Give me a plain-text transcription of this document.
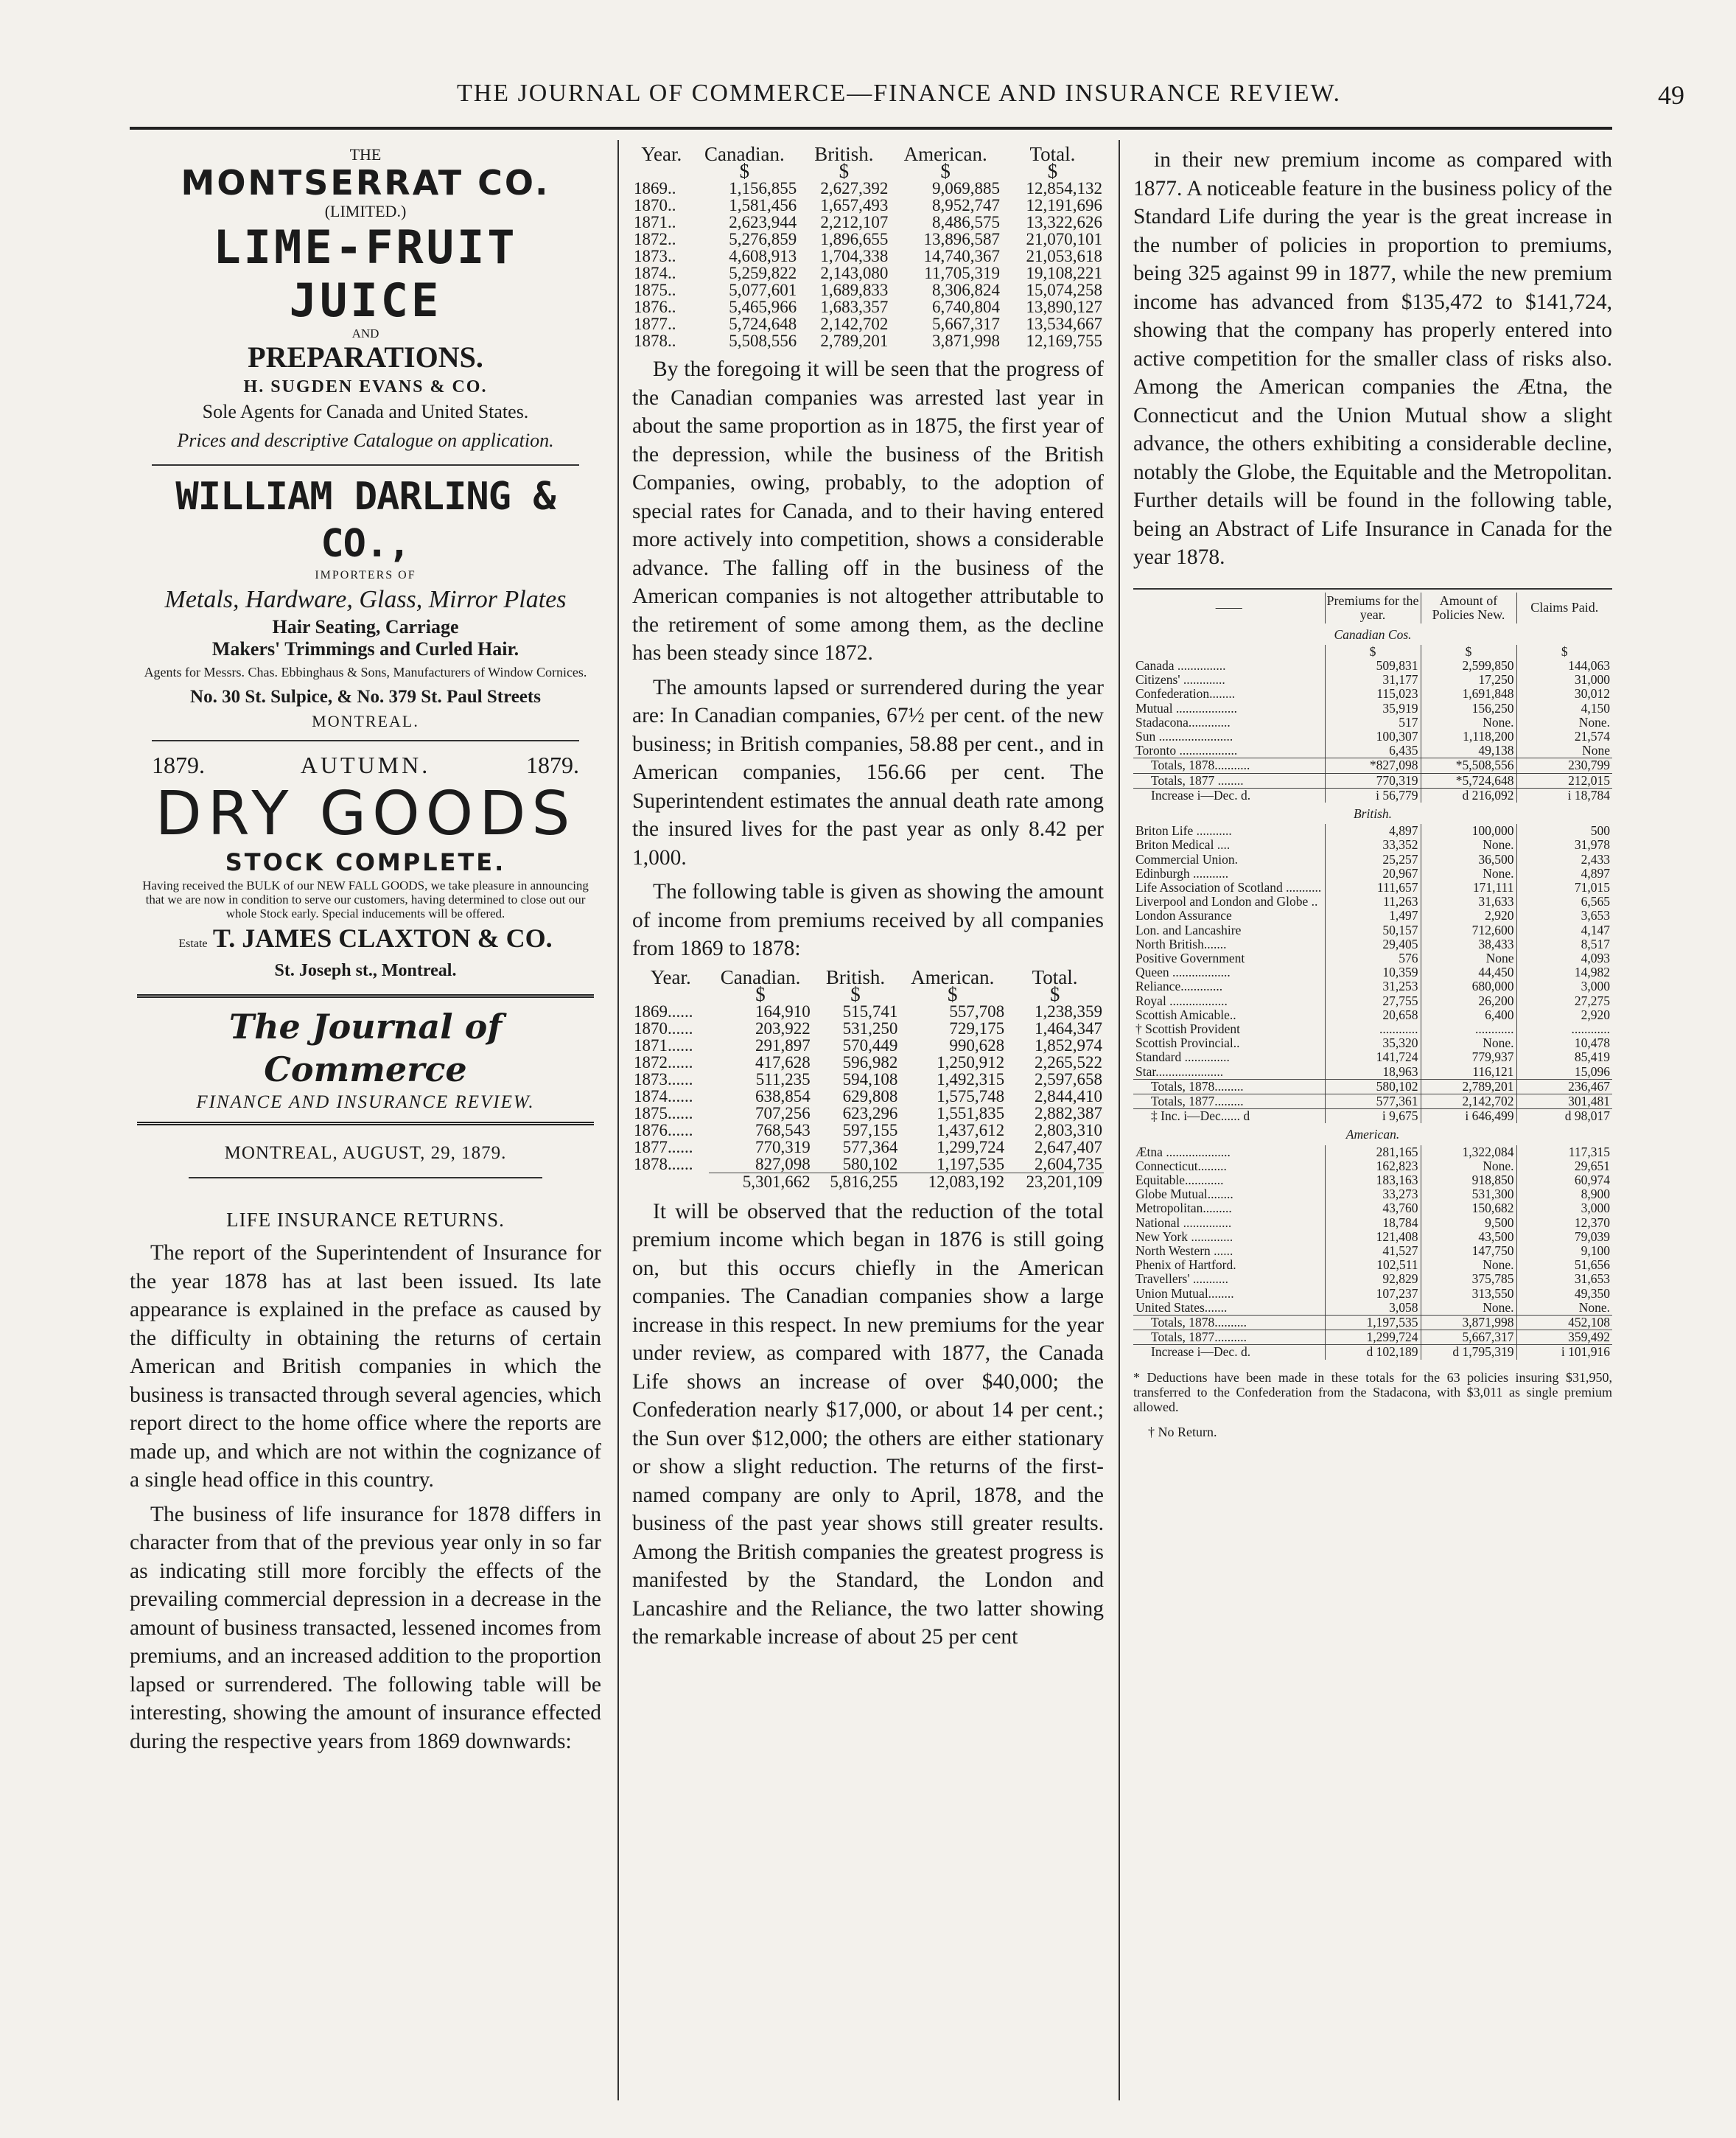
THE JOURNAL OF COMMERCE—FINANCE AND INSURANCE REVIEW.	49
THE
MONTSERRAT CO.
(LIMITED.)
LIME-FRUIT JUICE
AND
PREPARATIONS.
H. SUGDEN EVANS & CO.
Sole Agents for Canada and United States.
Prices and descriptive Catalogue on application.
WILLIAM DARLING & CO.,
IMPORTERS OF
Metals, Hardware, Glass, Mirror Plates
Hair Seating, Carriage
Makers' Trimmings and Curled Hair.
Agents for Messrs. Chas. Ebbinghaus & Sons, Manufacturers of Window Cornices.
No. 30 St. Sulpice, & No. 379 St. Paul Streets
MONTREAL.
1879.	AUTUMN.	1879.
DRY GOODS
STOCK COMPLETE.
Having received the BULK of our NEW FALL GOODS, we take pleasure in announcing that we are now in condition to serve our customers, having determined to close out our whole Stock early. Special inducements will be offered.
Estate T. JAMES CLAXTON & CO.
St. Joseph st., Montreal.
The Journal of Commerce
FINANCE AND INSURANCE REVIEW.
MONTREAL, AUGUST, 29, 1879.
LIFE INSURANCE RETURNS.

The report of the Superintendent of Insurance for the year 1878 has at last been issued. Its late appearance is explained in the preface as caused by the difficulty in obtaining the returns of certain American and British companies in which the business is transacted through several agencies, which report direct to the home office where the reports are made up, and which are not within the cognizance of a single head office in this country.

The business of life insurance for 1878 differs in character from that of the previous year only in so far as indicating still more forcibly the effects of the prevailing commercial depression in a decrease in the amount of business transacted, lessened incomes from premiums, and an increased addition to the proportion lapsed or surrendered. The following table will be interesting, showing the amount of insurance effected during the respective years from 1869 downwards:

Year.	Canadian.	British.	American.	Total.
	$	$	$	$
1869..	1,156,855	2,627,392	9,069,885	12,854,132
1870..	1,581,456	1,657,493	8,952,747	12,191,696
1871..	2,623,944	2,212,107	8,486,575	13,322,626
1872..	5,276,859	1,896,655	13,896,587	21,070,101
1873..	4,608,913	1,704,338	14,740,367	21,053,618
1874..	5,259,822	2,143,080	11,705,319	19,108,221
1875..	5,077,601	1,689,833	8,306,824	15,074,258
1876..	5,465,966	1,683,357	6,740,804	13,890,127
1877..	5,724,648	2,142,702	5,667,317	13,534,667
1878..	5,508,556	2,789,201	3,871,998	12,169,755

By the foregoing it will be seen that the progress of the Canadian companies was arrested last year in about the same proportion as in 1875, the first year of the depression, while the business of the British Companies, owing, probably, to the adoption of special rates for Canada, and to their having entered more actively into competition, shows a considerable advance. The falling off in the business of the American companies is not altogether attributable to the retirement of some among them, as the decline has been steady since 1872.

The amounts lapsed or surrendered during the year are: In Canadian companies, 67½ per cent. of the new business; in British companies, 58.88 per cent., and in American companies, 156.66 per cent. The Superintendent estimates the annual death rate among the insured lives for the past year as only 8.42 per 1,000.

The following table is given as showing the amount of income from premiums received by all companies from 1869 to 1878:

Year.	Canadian.	British.	American.	Total.
	$	$	$	$
1869......	164,910	515,741	557,708	1,238,359
1870......	203,922	531,250	729,175	1,464,347
1871......	291,897	570,449	990,628	1,852,974
1872......	417,628	596,982	1,250,912	2,265,522
1873......	511,235	594,108	1,492,315	2,597,658
1874......	638,854	629,808	1,575,748	2,844,410
1875......	707,256	623,296	1,551,835	2,882,387
1876......	768,543	597,155	1,437,612	2,803,310
1877......	770,319	577,364	1,299,724	2,647,407
1878......	827,098	580,102	1,197,535	2,604,735
	5,301,662	5,816,255	12,083,192	23,201,109

It will be observed that the reduction of the total premium income which began in 1876 is still going on, but this occurs chiefly in the American companies. The Canadian companies show a large increase in this respect. In new premiums for the year under review, as compared with 1877, the Canada Life shows an increase of over $40,000; the Confederation nearly $17,000, or about 14 per cent.; the Sun over $12,000; the others are either stationary or show a slight reduction. The returns of the first-named company are only to April, 1878, and the business of the past year shows still greater results. Among the British companies the greatest progress is manifested by the Standard, the London and Lancashire and the Reliance, the two latter showing the remarkable increase of about 25 per cent

in their new premium income as compared with 1877. A noticeable feature in the business policy of the Standard Life during the year is the great increase in the number of policies in proportion to premiums, being 325 against 99 in 1877, while the new premium income has advanced from $135,472 to $141,724, showing that the company has properly entered into active competition for the smaller class of risks also. Among the American companies the Ætna, the Connecticut and the Union Mutual show a slight advance, the others exhibiting a considerable decline, notably the Globe, the Equitable and the Metropolitan. Further details will be found in the following table, being an Abstract of Life Insurance in Canada for the year 1878.

——	Premiums for the year.	Amount of Policies New.	Claims Paid.
Canadian Cos.			
	$	$	$
Canada ...............	509,831	2,599,850	144,063
Citizens' .............	31,177	17,250	31,000
Confederation........	115,023	1,691,848	30,012
Mutual ...................	35,919	156,250	4,150
Stadacona.............	517	None.	None.
Sun .......................	100,307	1,118,200	21,574
Toronto ..................	6,435	49,138	None
Totals, 1878...........	*827,098	*5,508,556	230,799
Totals, 1877 ........	770,319	*5,724,648	212,015
Increase i—Dec. d.	i 56,779	d 216,092	i 18,784
British.			
Briton Life ...........	4,897	100,000	500
Briton Medical ....	33,352	None.	31,978
Commercial Union.	25,257	36,500	2,433
Edinburgh ...........	20,967	None.	4,897
Life Association of Scotland ...........	111,657	171,111	71,015
Liverpool and London and Globe ..	11,263	31,633	6,565
London Assurance	1,497	2,920	3,653
Lon. and Lancashire	50,157	712,600	4,147
North British.......	29,405	38,433	8,517
Positive Government	576	None	4,093
Queen ..................	10,359	44,450	14,982
Reliance.............	31,253	680,000	3,000
Royal ..................	27,755	26,200	27,275
Scottish Amicable..	20,658	6,400	2,920
† Scottish Provident	............	............	............
Scottish Provincial..	35,320	None.	10,478
Standard ..............	141,724	779,937	85,419
Star.....................	18,963	116,121	15,096
Totals, 1878.........	580,102	2,789,201	236,467
Totals, 1877.........	577,361	2,142,702	301,481
‡ Inc. i—Dec...... d	i 9,675	i 646,499	d 98,017
American.			
Ætna ....................	281,165	1,322,084	117,315
Connecticut.........	162,823	None.	29,651
Equitable............	183,163	918,850	60,974
Globe Mutual........	33,273	531,300	8,900
Metropolitan.........	43,760	150,682	3,000
National ...............	18,784	9,500	12,370
New York .............	121,408	43,500	79,039
North Western ......	41,527	147,750	9,100
Phenix of Hartford.	102,511	None.	51,656
Travellers' ...........	92,829	375,785	31,653
Union Mutual........	107,237	313,550	49,350
United States.......	3,058	None.	None.
Totals, 1878..........	1,197,535	3,871,998	452,108
Totals, 1877..........	1,299,724	5,667,317	359,492
Increase i—Dec. d.	d 102,189	d 1,795,319	i 101,916
* Deductions have been made in these totals for the 63 policies insuring $31,950, transferred to the Confederation from the Stadacona, with $3,011 as single premium allowed.
† No Return.
